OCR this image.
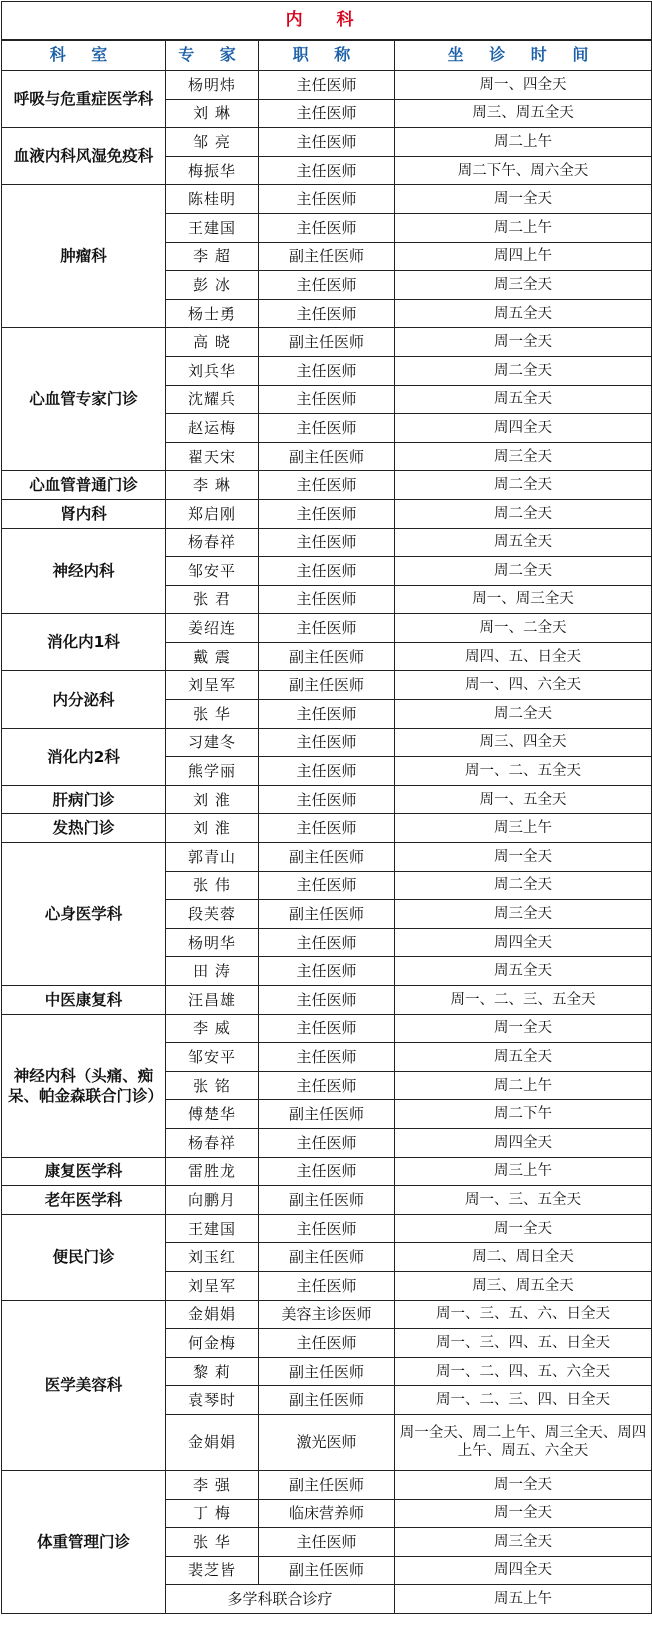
内 科			
科 室	专 家	职 称	坐 诊 时 间
呼吸与危重症医学科	杨明炜	主任医师	周一、四全天
	刘 琳	主任医师	周三、周五全天
血液内科风湿免疫科	邹 亮	主任医师	周二上午
	梅振华	主任医师	周二下午、周六全天
肿瘤科	陈桂明	主任医师	周一全天
	王建国	主任医师	周二上午
	李 超	副主任医师	周四上午
	彭 冰	主任医师	周三全天
	杨士勇	主任医师	周五全天
心血管专家门诊	高 晓	副主任医师	周一全天
	刘兵华	主任医师	周二全天
	沈耀兵	主任医师	周五全天
	赵运梅	主任医师	周四全天
	翟天宋	副主任医师	周三全天
心血管普通门诊	李 琳	主任医师	周二全天
肾内科	郑启刚	主任医师	周二全天
神经内科	杨春祥	主任医师	周五全天
	邹安平	主任医师	周二全天
	张 君	主任医师	周一、周三全天
消化内1科	姜绍连	主任医师	周一、二全天
	戴 震	副主任医师	周四、五、日全天
内分泌科	刘呈军	副主任医师	周一、四、六全天
	张 华	主任医师	周二全天
消化内2科	习建冬	主任医师	周三、四全天
	熊学丽	主任医师	周一、二、五全天
肝病门诊	刘 淮	主任医师	周一、五全天
发热门诊	刘 淮	主任医师	周三上午
心身医学科	郭青山	副主任医师	周一全天
	张 伟	主任医师	周二全天
	段芙蓉	副主任医师	周三全天
	杨明华	主任医师	周四全天
	田 涛	主任医师	周五全天
中医康复科	汪昌雄	主任医师	周一、二、三、五全天
神经内科（头痛、痴呆、帕金森联合门诊）	李 威	主任医师	周一全天
	邹安平	主任医师	周五全天
	张 铭	主任医师	周二上午
	傅楚华	副主任医师	周二下午
	杨春祥	主任医师	周四全天
康复医学科	雷胜龙	主任医师	周三上午
老年医学科	向鹏月	副主任医师	周一、三、五全天
便民门诊	王建国	主任医师	周一全天
	刘玉红	副主任医师	周二、周日全天
	刘呈军	主任医师	周三、周五全天
医学美容科	金娟娟	美容主诊医师	周一、三、五、六、日全天
	何金梅	主任医师	周一、三、四、五、日全天
	黎 莉	副主任医师	周一、二、四、五、六全天
	袁琴时	副主任医师	周一、二、三、四、日全天
	金娟娟	激光医师	周一全天、周二上午、周三全天、周四上午、周五、六全天
体重管理门诊	李 强	副主任医师	周一全天
	丁 梅	临床营养师	周一全天
	张 华	主任医师	周三全天
	裴芝皆	副主任医师	周四全天
	多学科联合诊疗		周五上午
